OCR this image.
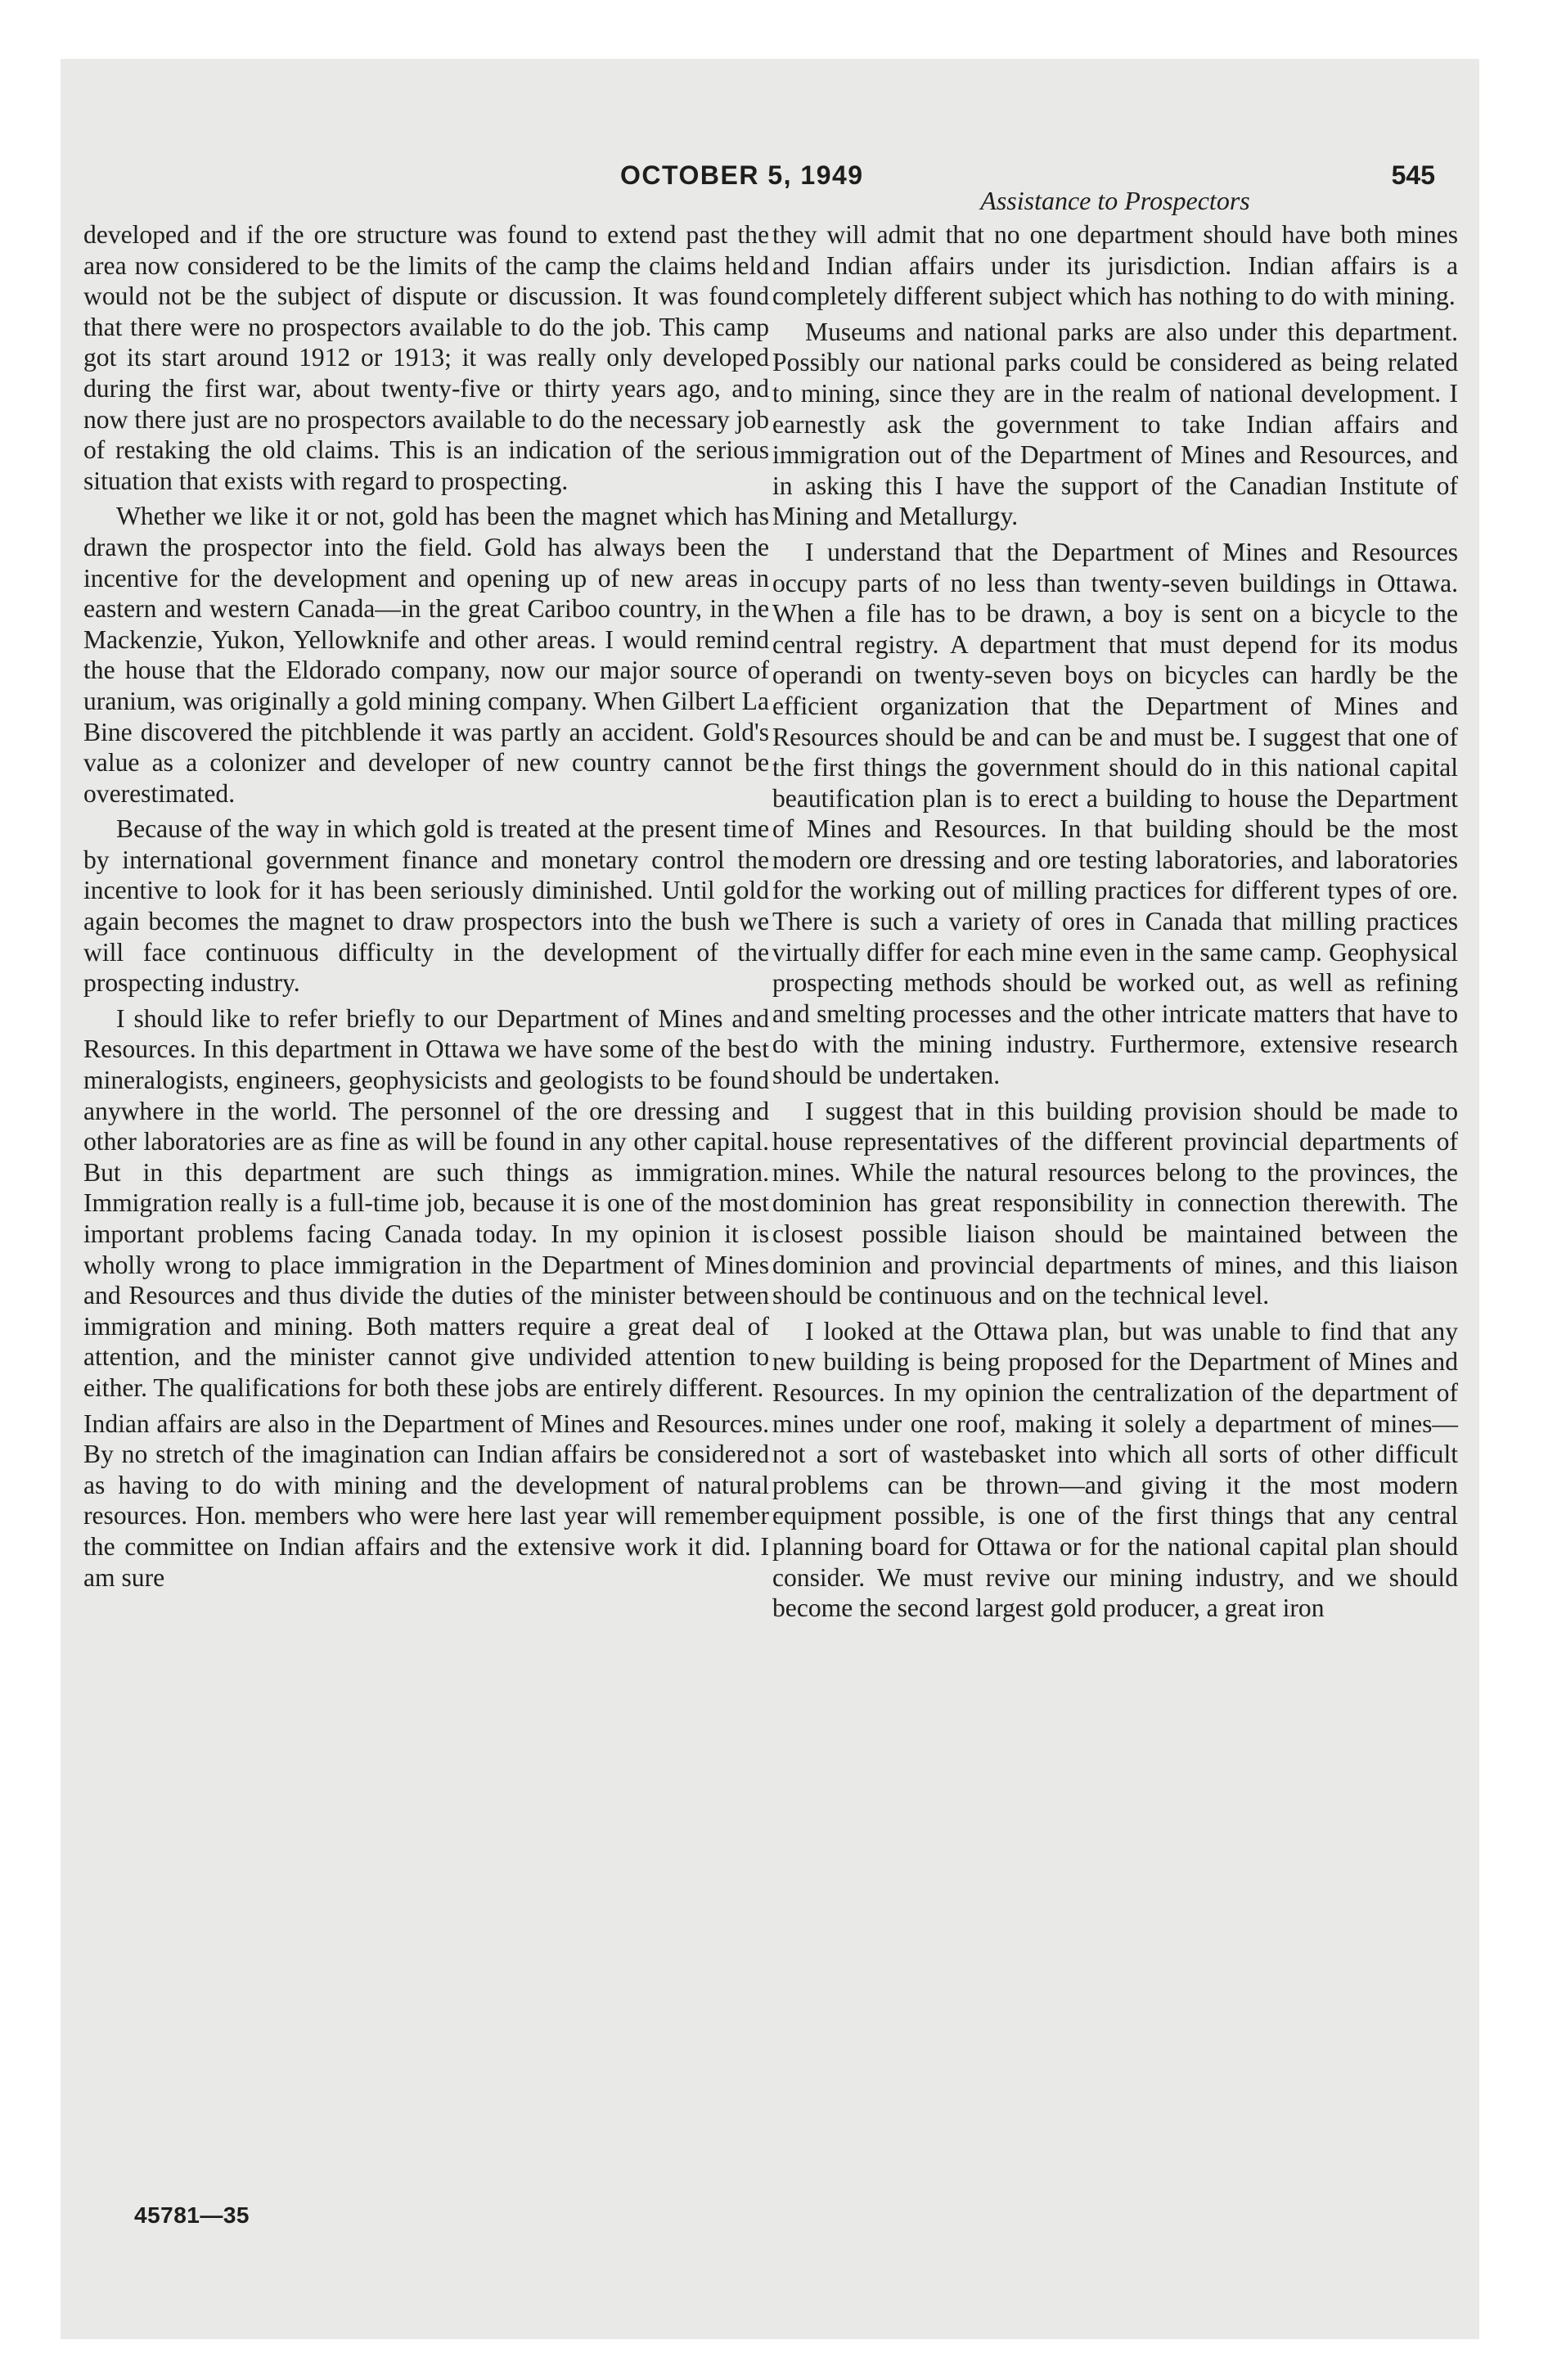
OCTOBER 5, 1949	545
Assistance to Prospectors

developed and if the ore structure was found to extend past the area now considered to be the limits of the camp the claims held would not be the subject of dispute or discussion. It was found that there were no prospectors available to do the job. This camp got its start around 1912 or 1913; it was really only developed during the first war, about twenty-five or thirty years ago, and now there just are no prospectors available to do the necessary job of restaking the old claims. This is an indication of the serious situation that exists with regard to prospecting.

Whether we like it or not, gold has been the magnet which has drawn the prospector into the field. Gold has always been the incentive for the development and opening up of new areas in eastern and western Canada—in the great Cariboo country, in the Mackenzie, Yukon, Yellowknife and other areas. I would remind the house that the Eldorado company, now our major source of uranium, was originally a gold mining company. When Gilbert La Bine discovered the pitchblende it was partly an accident. Gold's value as a colonizer and developer of new country cannot be overestimated.

Because of the way in which gold is treated at the present time by international government finance and monetary control the incentive to look for it has been seriously diminished. Until gold again becomes the magnet to draw prospectors into the bush we will face continuous difficulty in the development of the prospecting industry.

I should like to refer briefly to our Department of Mines and Resources. In this department in Ottawa we have some of the best mineralogists, engineers, geophysicists and geologists to be found anywhere in the world. The personnel of the ore dressing and other laboratories are as fine as will be found in any other capital. But in this department are such things as immigration. Immigration really is a full-time job, because it is one of the most important problems facing Canada today. In my opinion it is wholly wrong to place immigration in the Department of Mines and Resources and thus divide the duties of the minister between immigration and mining. Both matters require a great deal of attention, and the minister cannot give undivided attention to either. The qualifications for both these jobs are entirely different.

Indian affairs are also in the Department of Mines and Resources. By no stretch of the imagination can Indian affairs be considered as having to do with mining and the development of natural resources. Hon. members who were here last year will remember the committee on Indian affairs and the extensive work it did. I am sure

they will admit that no one department should have both mines and Indian affairs under its jurisdiction. Indian affairs is a completely different subject which has nothing to do with mining.

Museums and national parks are also under this department. Possibly our national parks could be considered as being related to mining, since they are in the realm of national development. I earnestly ask the government to take Indian affairs and immigration out of the Department of Mines and Resources, and in asking this I have the support of the Canadian Institute of Mining and Metallurgy.

I understand that the Department of Mines and Resources occupy parts of no less than twenty-seven buildings in Ottawa. When a file has to be drawn, a boy is sent on a bicycle to the central registry. A department that must depend for its modus operandi on twenty-seven boys on bicycles can hardly be the efficient organization that the Department of Mines and Resources should be and can be and must be. I suggest that one of the first things the government should do in this national capital beautification plan is to erect a building to house the Department of Mines and Resources. In that building should be the most modern ore dressing and ore testing laboratories, and laboratories for the working out of milling practices for different types of ore. There is such a variety of ores in Canada that milling practices virtually differ for each mine even in the same camp. Geophysical prospecting methods should be worked out, as well as refining and smelting processes and the other intricate matters that have to do with the mining industry. Furthermore, extensive research should be undertaken.

I suggest that in this building provision should be made to house representatives of the different provincial departments of mines. While the natural resources belong to the provinces, the dominion has great responsibility in connection therewith. The closest possible liaison should be maintained between the dominion and provincial departments of mines, and this liaison should be continuous and on the technical level.

I looked at the Ottawa plan, but was unable to find that any new building is being proposed for the Department of Mines and Resources. In my opinion the centralization of the department of mines under one roof, making it solely a department of mines—not a sort of wastebasket into which all sorts of other difficult problems can be thrown—and giving it the most modern equipment possible, is one of the first things that any central planning board for Ottawa or for the national capital plan should consider. We must revive our mining industry, and we should become the second largest gold producer, a great iron

45781—35
